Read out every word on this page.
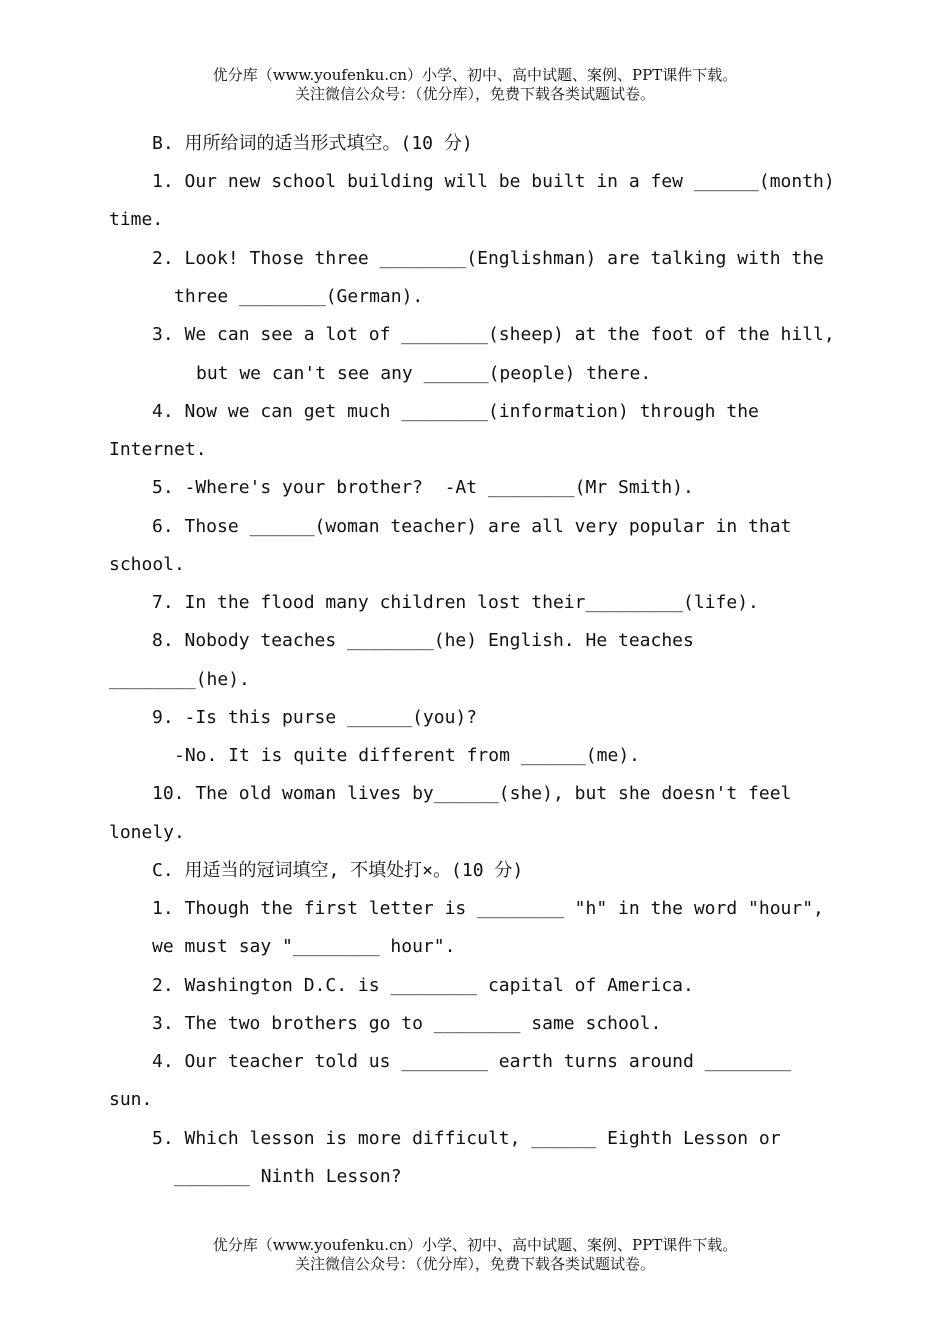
优分库（www.youfenku.cn）小学、初中、高中试题、案例、PPT课件下载。
关注微信公众号：（优分库），免费下载各类试题试卷。
B. 用所给词的适当形式填空。(10 分)
1. Our new school building will be built in a few ______(month)
time.
2. Look! Those three ________(Englishman) are talking with the
three ________(German).
3. We can see a lot of ________(sheep) at the foot of the hill,
but we can't see any ______(people) there.
4. Now we can get much ________(information) through the
Internet.
5. -Where's your brother?  -At ________(Mr Smith).
6. Those ______(woman teacher) are all very popular in that
school.
7. In the flood many children lost their_________(life).
8. Nobody teaches ________(he) English. He teaches
________(he).
9. -Is this purse ______(you)?
-No. It is quite different from ______(me).
10. The old woman lives by______(she), but she doesn't feel
lonely.
C. 用适当的冠词填空, 不填处打×。(10 分)
1. Though the first letter is ________ "h" in the word "hour",
we must say "________ hour".
2. Washington D.C. is ________ capital of America.
3. The two brothers go to ________ same school.
4. Our teacher told us ________ earth turns around ________
sun.
5. Which lesson is more difficult, ______ Eighth Lesson or
_______ Ninth Lesson?
优分库（www.youfenku.cn）小学、初中、高中试题、案例、PPT课件下载。
关注微信公众号：（优分库），免费下载各类试题试卷。
